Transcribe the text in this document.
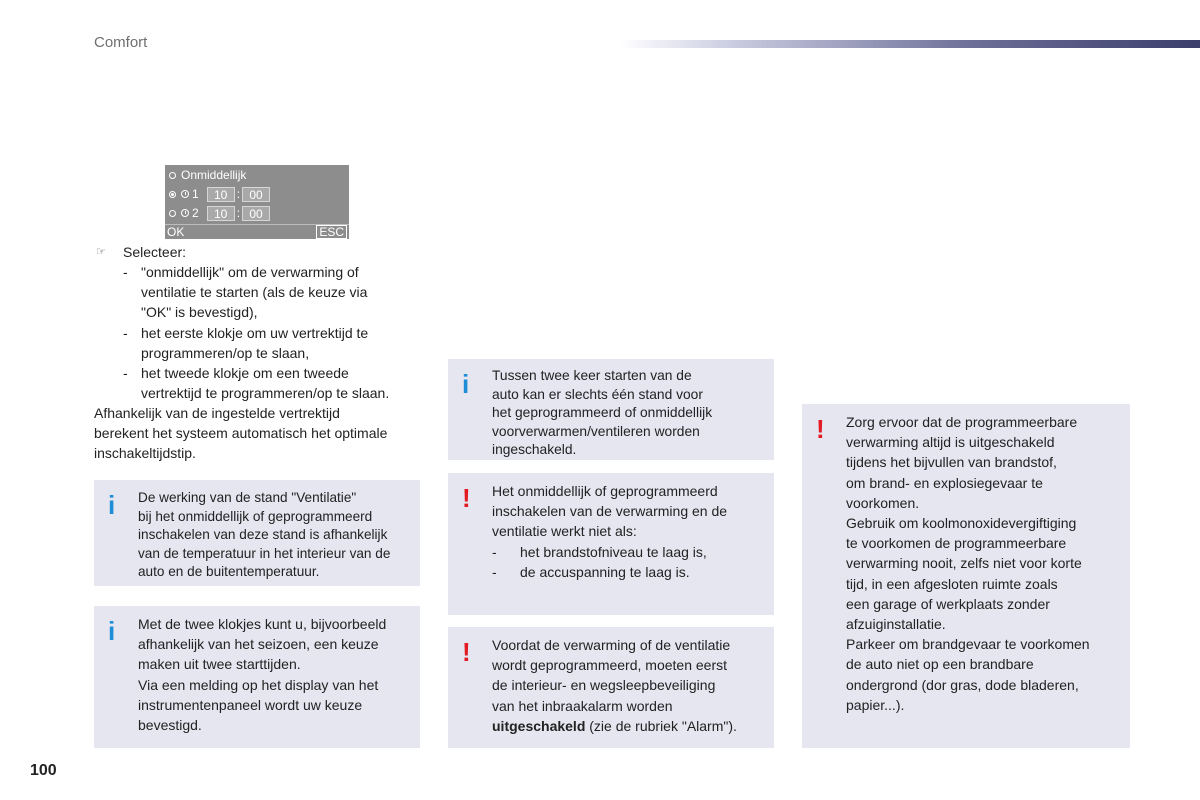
Comfort
Onmiddellijk
1	10 : 00
2	10 : 00
OK	ESC
☞ Selecteer:
- "onmiddellijk" om de verwarming of
ventilatie te starten (als de keuze via
"OK" is bevestigd),
- het eerste klokje om uw vertrektijd te
programmeren/op te slaan,
- het tweede klokje om een tweede
vertrektijd te programmeren/op te slaan.
Afhankelijk van de ingestelde vertrektijd
berekent het systeem automatisch het optimale
inschakeltijdstip.
i	De werking van de stand "Ventilatie"
bij het onmiddellijk of geprogrammeerd
inschakelen van deze stand is afhankelijk
van de temperatuur in het interieur van de
auto en de buitentemperatuur.
i	Met de twee klokjes kunt u, bijvoorbeeld
afhankelijk van het seizoen, een keuze
maken uit twee starttijden.
Via een melding op het display van het
instrumentenpaneel wordt uw keuze
bevestigd.
i	Tussen twee keer starten van de
auto kan er slechts één stand voor
het geprogrammeerd of onmiddellijk
voorverwarmen/ventileren worden
ingeschakeld.
! Het onmiddellijk of geprogrammeerd
inschakelen van de verwarming en de
ventilatie werkt niet als:
-	het brandstofniveau te laag is,
-	de accuspanning te laag is.
! Voordat de verwarming of de ventilatie
wordt geprogrammeerd, moeten eerst
de interieur- en wegsleepbeveiliging
van het inbraakalarm worden
uitgeschakeld (zie de rubriek "Alarm").
! Zorg ervoor dat de programmeerbare
verwarming altijd is uitgeschakeld
tijdens het bijvullen van brandstof,
om brand- en explosiegevaar te
voorkomen.
Gebruik om koolmonoxidevergiftiging
te voorkomen de programmeerbare
verwarming nooit, zelfs niet voor korte
tijd, in een afgesloten ruimte zoals
een garage of werkplaats zonder
afzuiginstallatie.
Parkeer om brandgevaar te voorkomen
de auto niet op een brandbare
ondergrond (dor gras, dode bladeren,
papier...).
100
